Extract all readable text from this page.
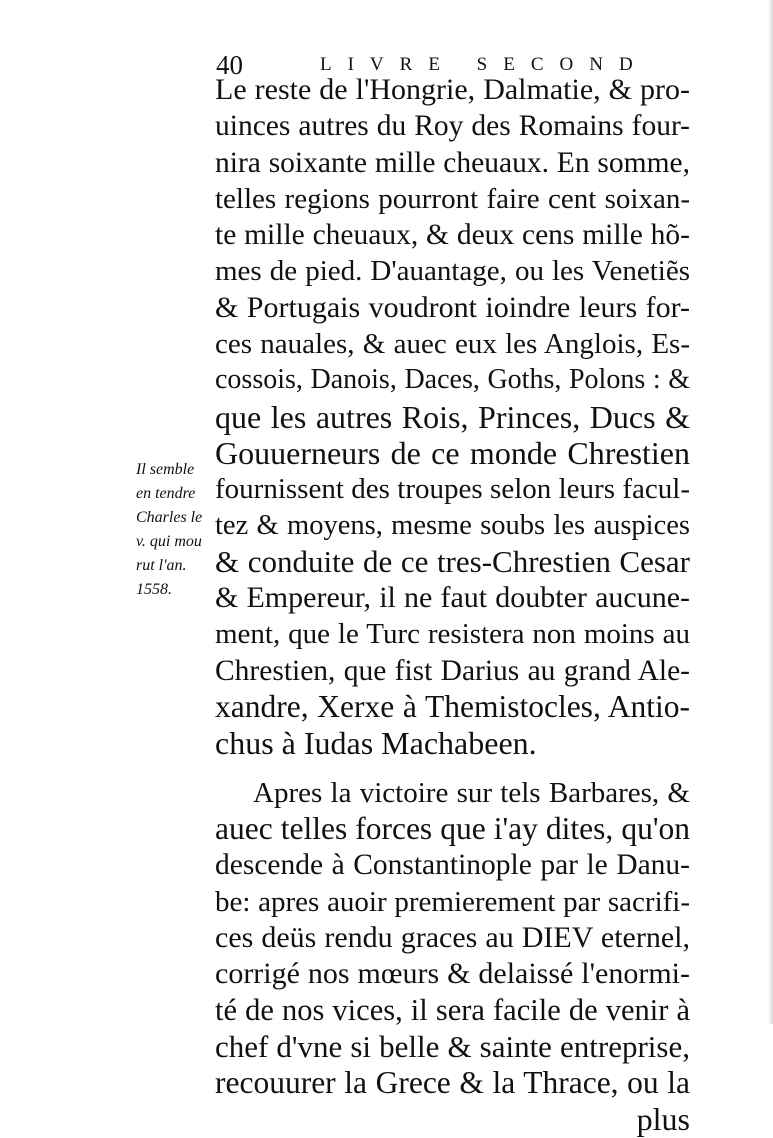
40	LIVRE SECOND
Le reste de l'Hongrie, Dalmatie, & pro-
uinces autres du Roy des Romains four-
nira soixante mille cheuaux. En somme,
telles regions pourront faire cent soixan-
te mille cheuaux, & deux cens mille hõ-
mes de pied. D'auantage, ou les Venetiẽs
& Portugais voudront ioindre leurs for-
ces nauales, & auec eux les Anglois, Es-
cossois, Danois, Daces, Goths, Polons : &
que les autres Rois, Princes, Ducs &
Gouuerneurs de ce monde Chrestien
fournissent des troupes selon leurs facul-
tez & moyens, mesme soubs les auspices
& conduite de ce tres-Chrestien Cesar
& Empereur, il ne faut doubter aucune-
ment, que le Turc resistera non moins au
Chrestien, que fist Darius au grand Ale-
xandre, Xerxe à Themistocles, Antio-
chus à Iudas Machabeen.
Apres la victoire sur tels Barbares, &
auec telles forces que i'ay dites, qu'on
descende à Constantinople par le Danu-
be: apres auoir premierement par sacrifi-
ces deüs rendu graces au DIEV eternel,
corrigé nos mœurs & delaissé l'enormi-
té de nos vices, il sera facile de venir à
chef d'vne si belle & sainte entreprise,
recouurer la Grece & la Thrace, ou la
plus
Il semble
en tendre
Charles le
v. qui mou
rut l'an.
1558.
